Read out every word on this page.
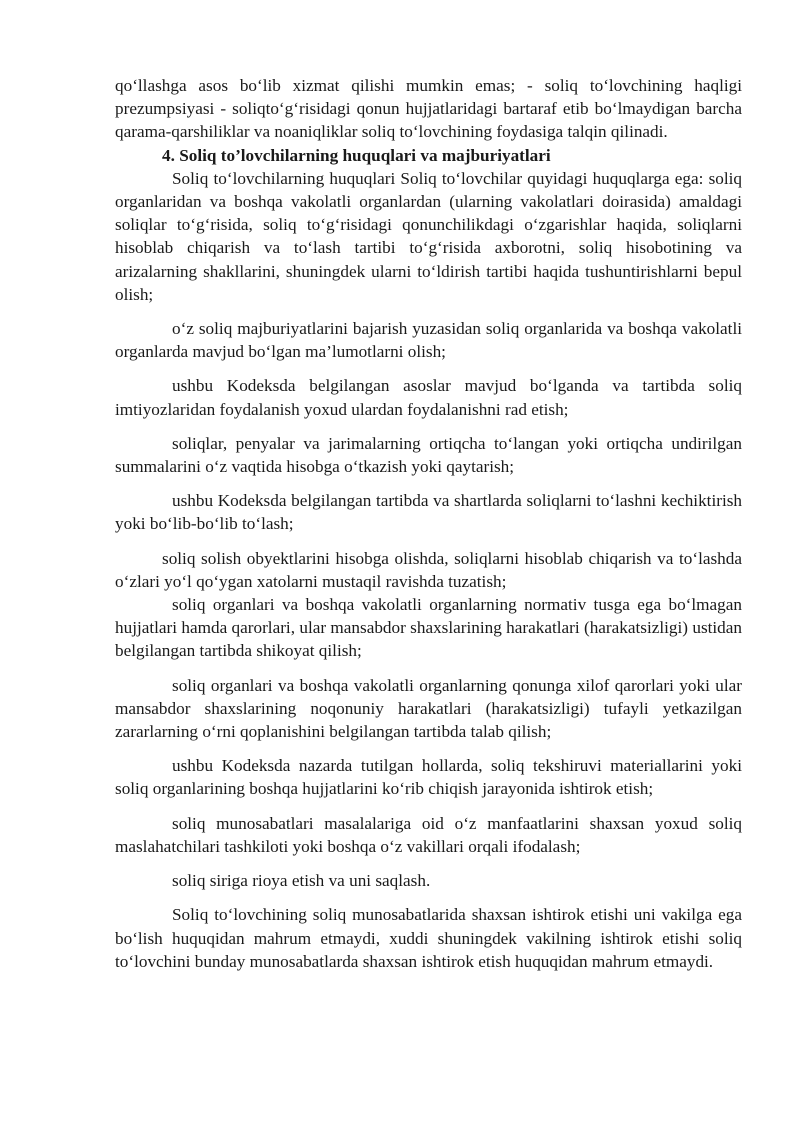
qo‘llashga asos bo‘lib xizmat qilishi mumkin emas; - soliq to‘lovchining haqligi prezumpsiyasi - soliqto‘g‘risidagi qonun hujjatlaridagi bartaraf etib bo‘lmaydigan barcha qarama-qarshiliklar va noaniqliklar soliq to‘lovchining foydasiga talqin qilinadi.

4. Soliq to’lovchilarning huquqlari va majburiyatlari

Soliq to‘lovchilarning huquqlari Soliq to‘lovchilar quyidagi huquqlarga ega: soliq organlaridan va boshqa vakolatli organlardan (ularning vakolatlari doirasida) amaldagi soliqlar to‘g‘risida, soliq to‘g‘risidagi qonunchilikdagi o‘zgarishlar haqida, soliqlarni hisoblab chiqarish va to‘lash tartibi to‘g‘risida axborotni, soliq hisobotining va arizalarning shakllarini, shuningdek ularni to‘ldirish tartibi haqida tushuntirishlarni bepul olish;

o‘z soliq majburiyatlarini bajarish yuzasidan soliq organlarida va boshqa vakolatli organlarda mavjud bo‘lgan ma’lumotlarni olish;

ushbu Kodeksda belgilangan asoslar mavjud bo‘lganda va tartibda soliq imtiyozlaridan foydalanish yoxud ulardan foydalanishni rad etish;

soliqlar, penyalar va jarimalarning ortiqcha to‘langan yoki ortiqcha undirilgan summalarini o‘z vaqtida hisobga o‘tkazish yoki qaytarish;

ushbu Kodeksda belgilangan tartibda va shartlarda soliqlarni to‘lashni kechiktirish yoki bo‘lib-bo‘lib to‘lash;

soliq solish obyektlarini hisobga olishda, soliqlarni hisoblab chiqarish va to‘lashda o‘zlari yo‘l qo‘ygan xatolarni mustaqil ravishda tuzatish;

soliq organlari va boshqa vakolatli organlarning normativ tusga ega bo‘lmagan hujjatlari hamda qarorlari, ular mansabdor shaxslarining harakatlari (harakatsizligi) ustidan belgilangan tartibda shikoyat qilish;

soliq organlari va boshqa vakolatli organlarning qonunga xilof qarorlari yoki ular mansabdor shaxslarining noqonuniy harakatlari (harakatsizligi) tufayli yetkazilgan zararlarning o‘rni qoplanishini belgilangan tartibda talab qilish;

ushbu Kodeksda nazarda tutilgan hollarda, soliq tekshiruvi materiallarini yoki soliq organlarining boshqa hujjatlarini ko‘rib chiqish jarayonida ishtirok etish;

soliq munosabatlari masalalariga oid o‘z manfaatlarini shaxsan yoxud soliq maslahatchilari tashkiloti yoki boshqa o‘z vakillari orqali ifodalash;

soliq siriga rioya etish va uni saqlash.

Soliq to‘lovchining soliq munosabatlarida shaxsan ishtirok etishi uni vakilga ega bo‘lish huquqidan mahrum etmaydi, xuddi shuningdek vakilning ishtirok etishi soliq to‘lovchini bunday munosabatlarda shaxsan ishtirok etish huquqidan mahrum etmaydi.
